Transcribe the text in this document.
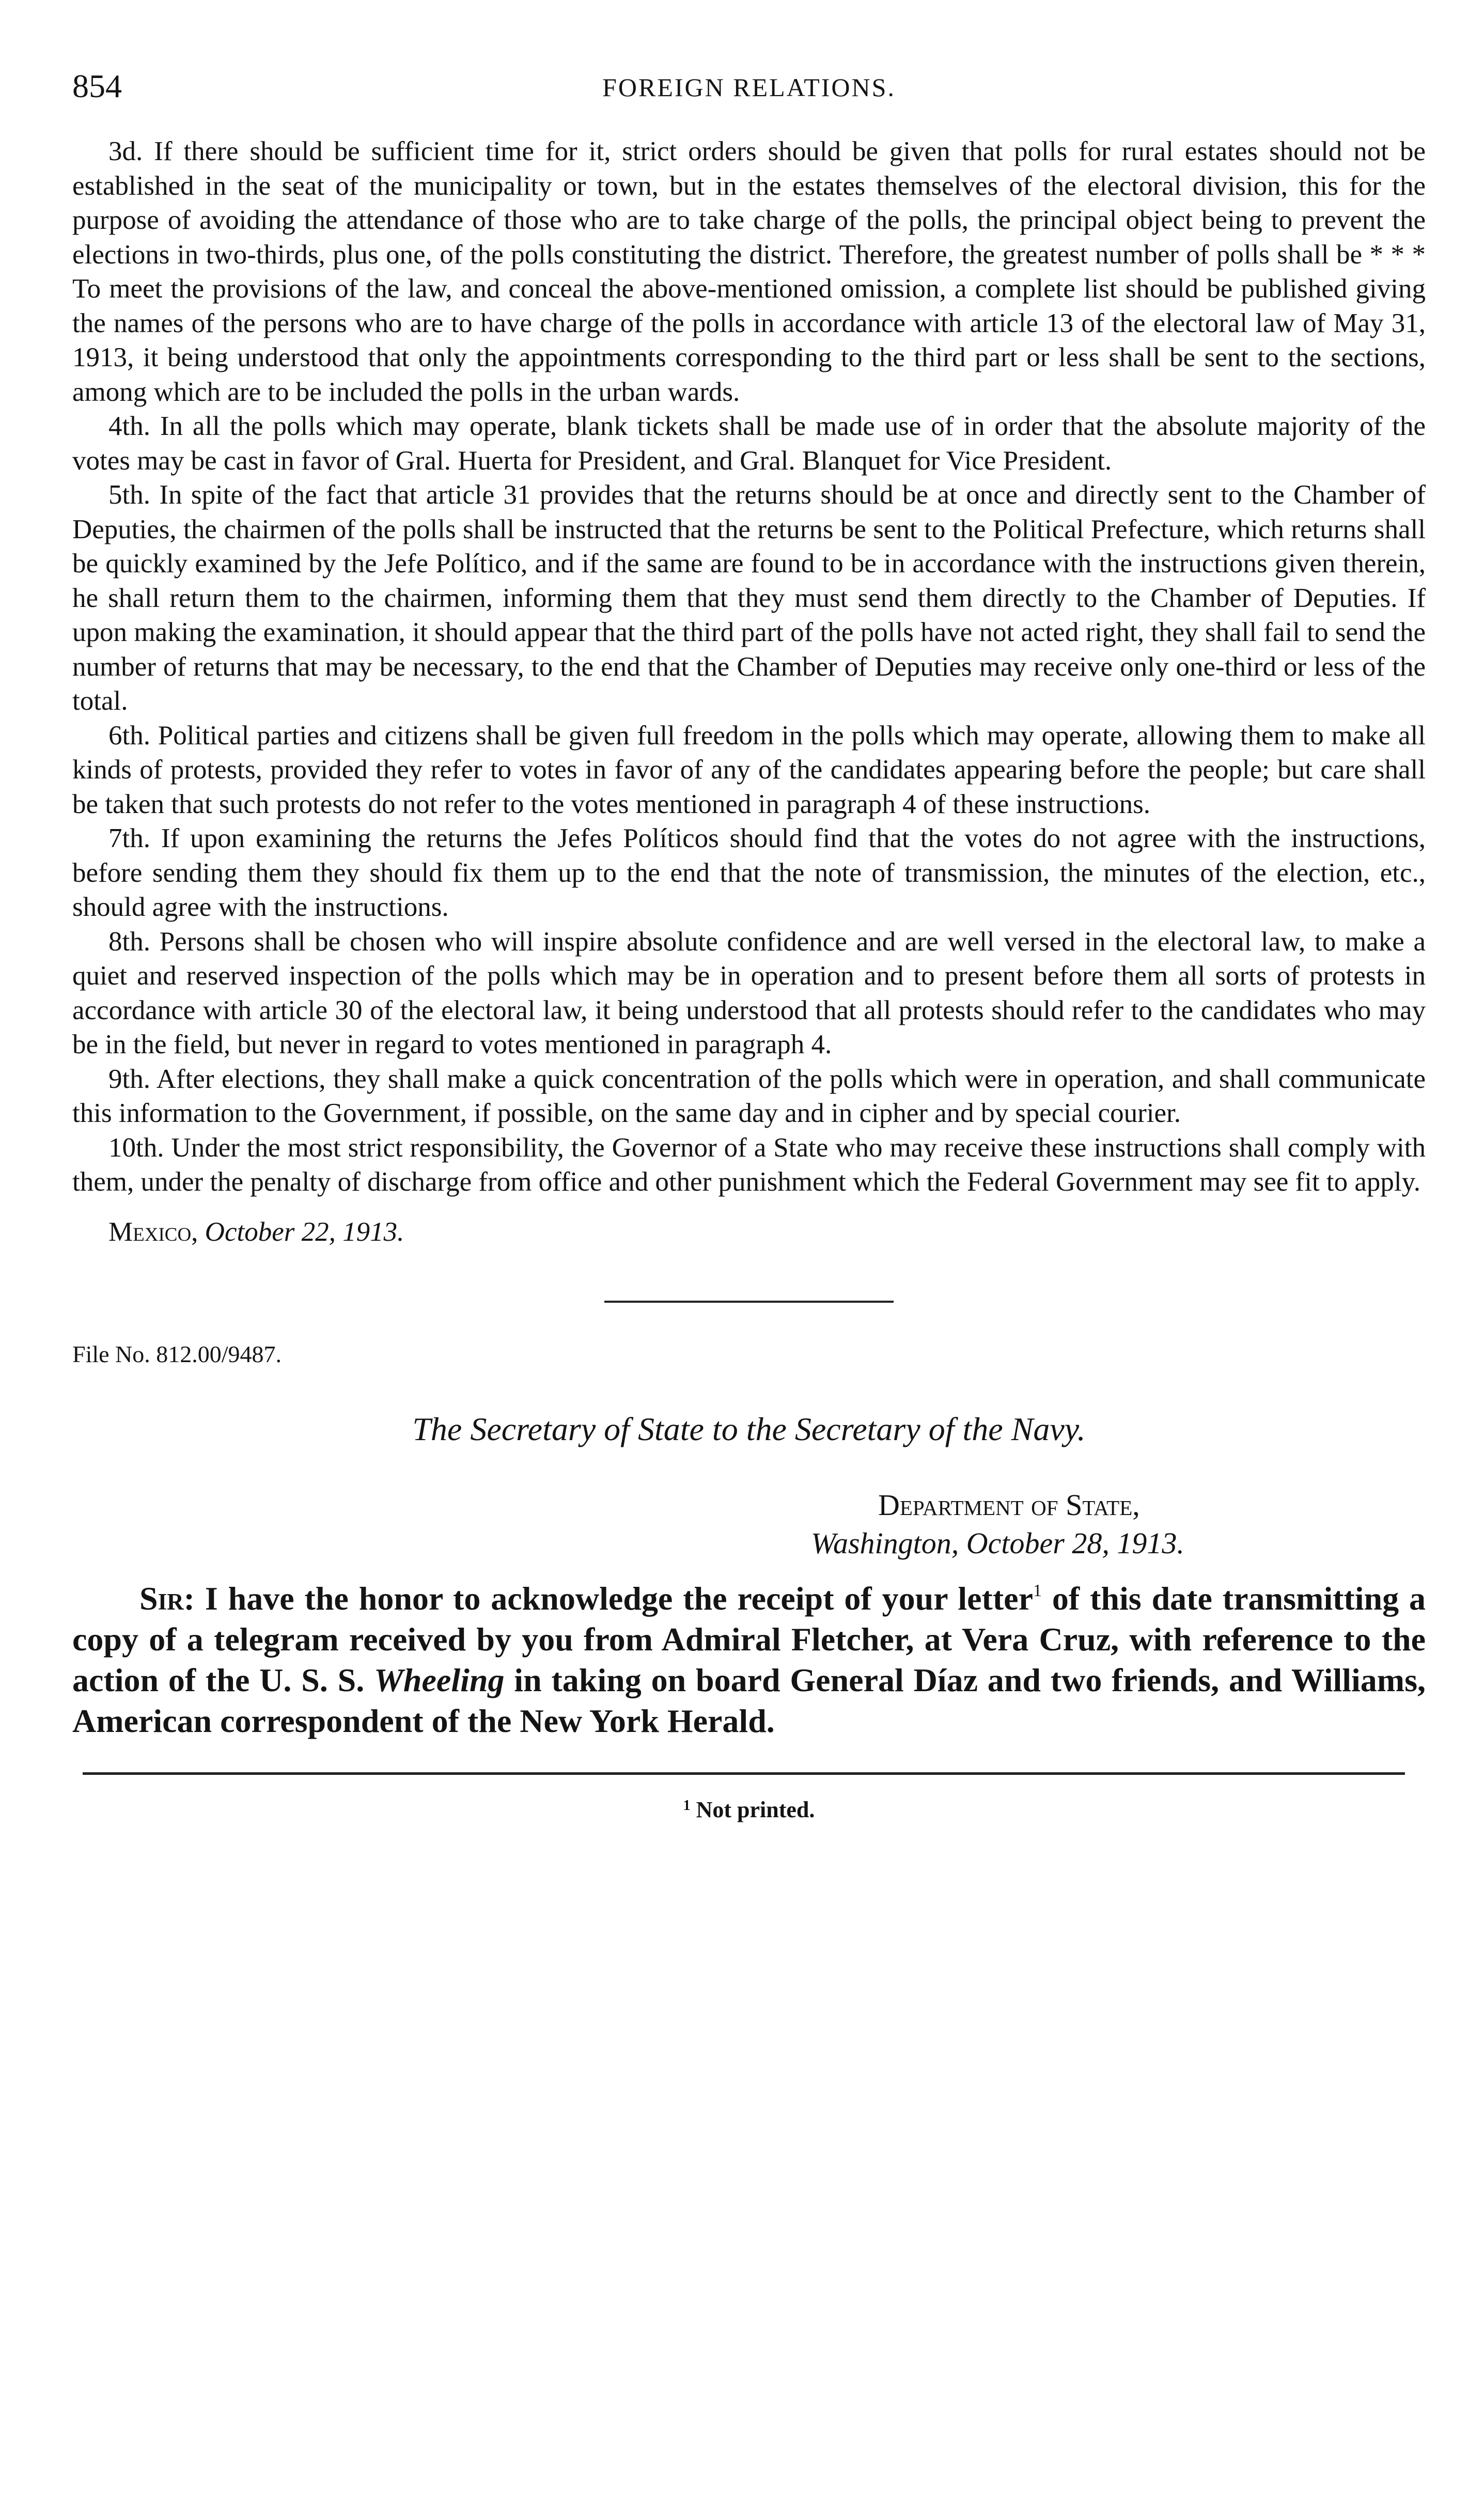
854	FOREIGN RELATIONS.

3d. If there should be sufficient time for it, strict orders should be given that polls for rural estates should not be established in the seat of the municipality or town, but in the estates themselves of the electoral division, this for the purpose of avoiding the attendance of those who are to take charge of the polls, the principal object being to prevent the elections in two-thirds, plus one, of the polls constituting the district. Therefore, the greatest number of polls shall be * * * To meet the provisions of the law, and conceal the above-mentioned omission, a complete list should be published giving the names of the persons who are to have charge of the polls in accordance with article 13 of the electoral law of May 31, 1913, it being understood that only the appointments corresponding to the third part or less shall be sent to the sections, among which are to be included the polls in the urban wards.

4th. In all the polls which may operate, blank tickets shall be made use of in order that the absolute majority of the votes may be cast in favor of Gral. Huerta for President, and Gral. Blanquet for Vice President.

5th. In spite of the fact that article 31 provides that the returns should be at once and directly sent to the Chamber of Deputies, the chairmen of the polls shall be instructed that the returns be sent to the Political Prefecture, which returns shall be quickly examined by the Jefe Político, and if the same are found to be in accordance with the instructions given therein, he shall return them to the chairmen, informing them that they must send them directly to the Chamber of Deputies. If upon making the examination, it should appear that the third part of the polls have not acted right, they shall fail to send the number of returns that may be necessary, to the end that the Chamber of Deputies may receive only one-third or less of the total.

6th. Political parties and citizens shall be given full freedom in the polls which may operate, allowing them to make all kinds of protests, provided they refer to votes in favor of any of the candidates appearing before the people; but care shall be taken that such protests do not refer to the votes mentioned in paragraph 4 of these instructions.

7th. If upon examining the returns the Jefes Políticos should find that the votes do not agree with the instructions, before sending them they should fix them up to the end that the note of transmission, the minutes of the election, etc., should agree with the instructions.

8th. Persons shall be chosen who will inspire absolute confidence and are well versed in the electoral law, to make a quiet and reserved inspection of the polls which may be in operation and to present before them all sorts of protests in accordance with article 30 of the electoral law, it being understood that all protests should refer to the candidates who may be in the field, but never in regard to votes mentioned in paragraph 4.

9th. After elections, they shall make a quick concentration of the polls which were in operation, and shall communicate this information to the Government, if possible, on the same day and in cipher and by special courier.

10th. Under the most strict responsibility, the Governor of a State who may receive these instructions shall comply with them, under the penalty of discharge from office and other punishment which the Federal Government may see fit to apply.

Mexico, October 22, 1913.
File No. 812.00/9487.
The Secretary of State to the Secretary of the Navy.
Department of State,
Washington, October 28, 1913.

Sir: I have the honor to acknowledge the receipt of your letter$^1$ of this date transmitting a copy of a telegram received by you from Admiral Fletcher, at Vera Cruz, with reference to the action of the U. S. S. Wheeling in taking on board General Díaz and two friends, and Williams, American correspondent of the New York Herald.

$^1$ Not printed.
